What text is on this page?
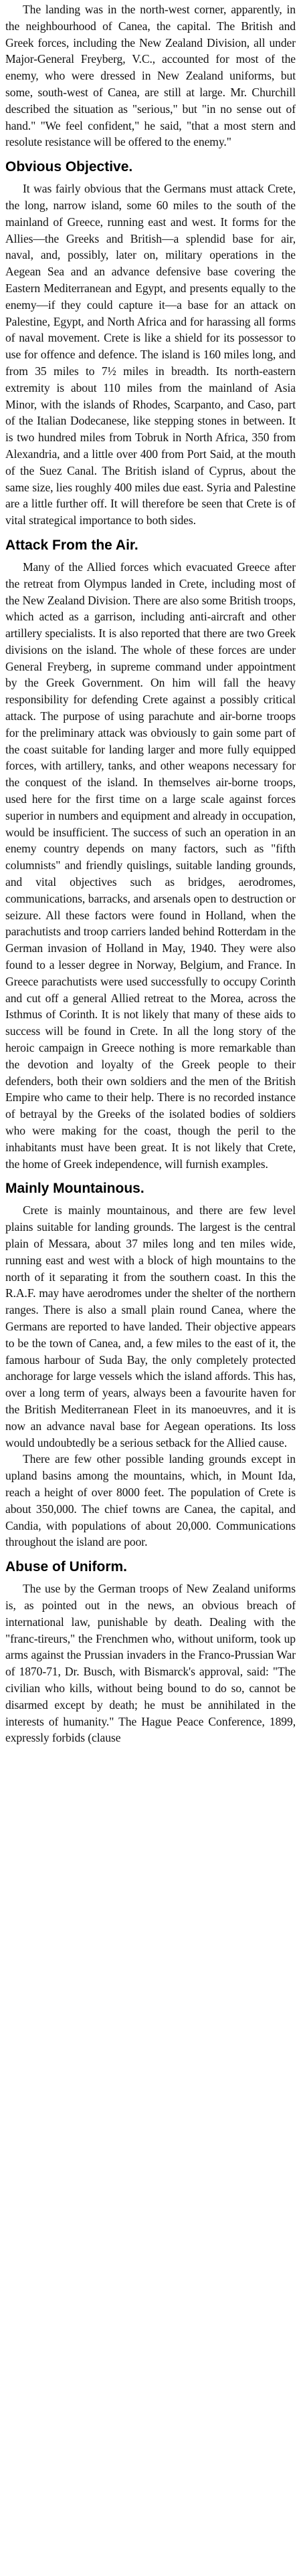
The landing was in the north-west corner, apparently, in the neighbourhood of Canea, the capital. The British and Greek forces, including the New Zealand Division, all under Major-General Freyberg, V.C., accounted for most of the enemy, who were dressed in New Zealand uniforms, but some, south-west of Canea, are still at large. Mr. Churchill described the situation as "serious," but "in no sense out of hand." "We feel confident," he said, "that a most stern and resolute resistance will be offered to the enemy."

Obvious Objective.

It was fairly obvious that the Germans must attack Crete, the long, narrow island, some 60 miles to the south of the mainland of Greece, running east and west. It forms for the Allies—the Greeks and British—a splendid base for air, naval, and, possibly, later on, military operations in the Aegean Sea and an advance defensive base covering the Eastern Mediterranean and Egypt, and presents equally to the enemy—if they could capture it—a base for an attack on Palestine, Egypt, and North Africa and for harassing all forms of naval movement. Crete is like a shield for its possessor to use for offence and defence. The island is 160 miles long, and from 35 miles to 7½ miles in breadth. Its north-eastern extremity is about 110 miles from the mainland of Asia Minor, with the islands of Rhodes, Scarpanto, and Caso, part of the Italian Dodecanese, like stepping stones in between. It is two hundred miles from Tobruk in North Africa, 350 from Alexandria, and a little over 400 from Port Said, at the mouth of the Suez Canal. The British island of Cyprus, about the same size, lies roughly 400 miles due east. Syria and Palestine are a little further off. It will therefore be seen that Crete is of vital strategical importance to both sides.

Attack From the Air.

Many of the Allied forces which evacuated Greece after the retreat from Olympus landed in Crete, including most of the New Zealand Division. There are also some British troops, which acted as a garrison, including anti-aircraft and other artillery specialists. It is also reported that there are two Greek divisions on the island. The whole of these forces are under General Freyberg, in supreme command under appointment by the Greek Government. On him will fall the heavy responsibility for defending Crete against a possibly critical attack. The purpose of using parachute and air-borne troops for the preliminary attack was obviously to gain some part of the coast suitable for landing larger and more fully equipped forces, with artillery, tanks, and other weapons necessary for the conquest of the island. In themselves air-borne troops, used here for the first time on a large scale against forces superior in numbers and equipment and already in occupation, would be insufficient. The success of such an operation in an enemy country depends on many factors, such as "fifth columnists" and friendly quislings, suitable landing grounds, and vital objectives such as bridges, aerodromes, communications, barracks, and arsenals open to destruction or seizure. All these factors were found in Holland, when the parachutists and troop carriers landed behind Rotterdam in the German invasion of Holland in May, 1940. They were also found to a lesser degree in Norway, Belgium, and France. In Greece parachutists were used successfully to occupy Corinth and cut off a general Allied retreat to the Morea, across the Isthmus of Corinth. It is not likely that many of these aids to success will be found in Crete. In all the long story of the heroic campaign in Greece nothing is more remarkable than the devotion and loyalty of the Greek people to their defenders, both their own soldiers and the men of the British Empire who came to their help. There is no recorded instance of betrayal by the Greeks of the isolated bodies of soldiers who were making for the coast, though the peril to the inhabitants must have been great. It is not likely that Crete, the home of Greek independence, will furnish examples.

Mainly Mountainous.

Crete is mainly mountainous, and there are few level plains suitable for landing grounds. The largest is the central plain of Messara, about 37 miles long and ten miles wide, running east and west with a block of high mountains to the north of it separating it from the southern coast. In this the R.A.F. may have aerodromes under the shelter of the northern ranges. There is also a small plain round Canea, where the Germans are reported to have landed. Their objective appears to be the town of Canea, and, a few miles to the east of it, the famous harbour of Suda Bay, the only completely protected anchorage for large vessels which the island affords. This has, over a long term of years, always been a favourite haven for the British Mediterranean Fleet in its manoeuvres, and it is now an advance naval base for Aegean operations. Its loss would undoubtedly be a serious setback for the Allied cause.

There are few other possible landing grounds except in upland basins among the mountains, which, in Mount Ida, reach a height of over 8000 feet. The population of Crete is about 350,000. The chief towns are Canea, the capital, and Candia, with populations of about 20,000. Communications throughout the island are poor.

Abuse of Uniform.

The use by the German troops of New Zealand uniforms is, as pointed out in the news, an obvious breach of international law, punishable by death. Dealing with the "franc-tireurs," the Frenchmen who, without uniform, took up arms against the Prussian invaders in the Franco-Prussian War of 1870-71, Dr. Busch, with Bismarck's approval, said: "The civilian who kills, without being bound to do so, cannot be disarmed except by death; he must be annihilated in the interests of humanity." The Hague Peace Conference, 1899, expressly forbids (clause
